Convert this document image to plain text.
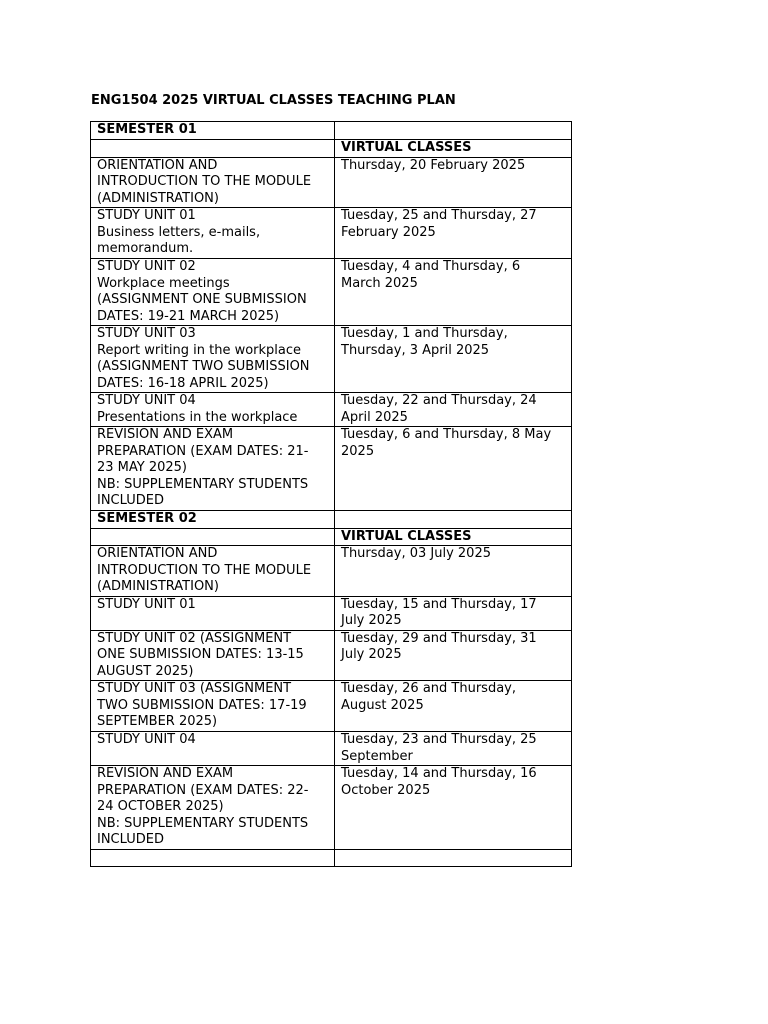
ENG1504 2025 VIRTUAL CLASSES TEACHING PLAN
SEMESTER 01	

	VIRTUAL CLASSES

ORIENTATION AND
INTRODUCTION TO THE MODULE
(ADMINISTRATION)	Thursday, 20 February 2025

STUDY UNIT 01
Business letters, e-mails,
memorandum.	Tuesday, 25 and Thursday, 27
February 2025

STUDY UNIT 02
Workplace meetings
(ASSIGNMENT ONE SUBMISSION
DATES: 19-21 MARCH 2025)	Tuesday, 4 and Thursday, 6
March 2025

STUDY UNIT 03
Report writing in the workplace
(ASSIGNMENT TWO SUBMISSION
DATES: 16-18 APRIL 2025)	Tuesday, 1 and Thursday,
Thursday, 3 April 2025

STUDY UNIT 04
Presentations in the workplace	Tuesday, 22 and Thursday, 24
April 2025

REVISION AND EXAM
PREPARATION (EXAM DATES: 21-
23 MAY 2025)
NB: SUPPLEMENTARY STUDENTS
INCLUDED	Tuesday, 6 and Thursday, 8 May
2025

SEMESTER 02	

	VIRTUAL CLASSES

ORIENTATION AND
INTRODUCTION TO THE MODULE
(ADMINISTRATION)	Thursday, 03 July 2025

STUDY UNIT 01	Tuesday, 15 and Thursday, 17
July 2025

STUDY UNIT 02 (ASSIGNMENT
ONE SUBMISSION DATES: 13-15
AUGUST 2025)	Tuesday, 29 and Thursday, 31
July 2025

STUDY UNIT 03 (ASSIGNMENT
TWO SUBMISSION DATES: 17-19
SEPTEMBER 2025)	Tuesday, 26 and Thursday,
August 2025

STUDY UNIT 04	Tuesday, 23 and Thursday, 25
September

REVISION AND EXAM
PREPARATION (EXAM DATES: 22-
24 OCTOBER 2025)
NB: SUPPLEMENTARY STUDENTS
INCLUDED	Tuesday, 14 and Thursday, 16
October 2025
